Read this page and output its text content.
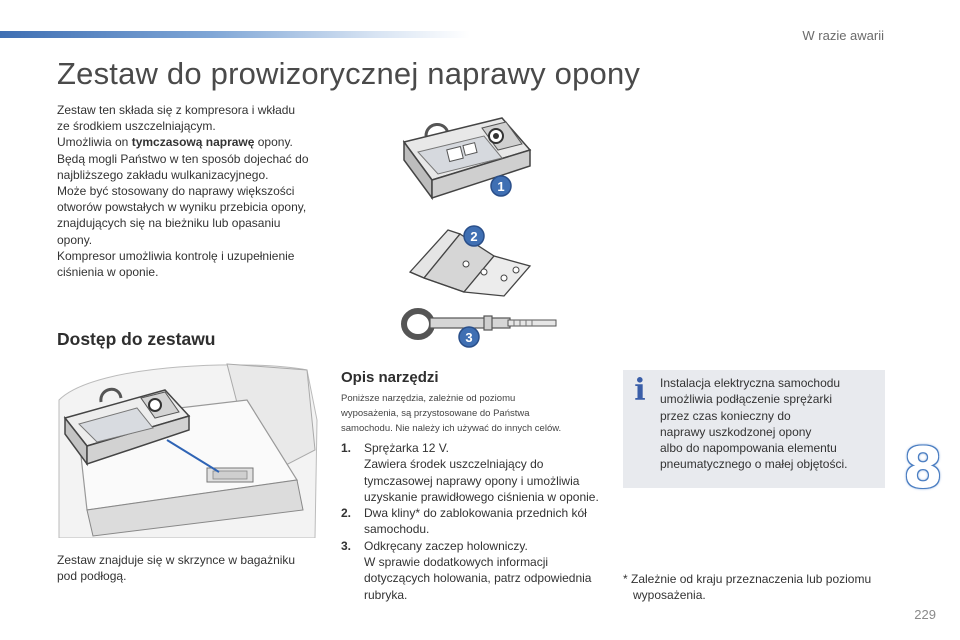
W razie awarii
Zestaw do prowizorycznej naprawy opony

Zestaw ten składa się z kompresora i wkładu

ze środkiem uszczelniającym.

Umożliwia on tymczasową naprawę opony.

Będą mogli Państwo w ten sposób dojechać do

najbliższego zakładu wulkanizacyjnego.

Może być stosowany do naprawy większości

otworów powstałych w wyniku przebicia opony,

znajdujących się na bieżniku lub opasaniu

opony.

Kompresor umożliwia kontrolę i uzupełnienie

ciśnienia w oponie.

1
2
3
Dostęp do zestawu
Zestaw znajduje się w skrzynce w bagażniku
pod podłogą.
Opis narzędzi
Poniższe narzędzia, zależnie od poziomu
wyposażenia, są przystosowane do Państwa
samochodu. Nie należy ich używać do innych celów.
1.	Sprężarka 12 V.
Zawiera środek uszczelniający do
tymczasowej naprawy opony i umożliwia
uzyskanie prawidłowego ciśnienia w oponie.
2.	Dwa kliny* do zablokowania przednich kół
samochodu.
3.	Odkręcany zaczep holowniczy.
W sprawie dodatkowych informacji
dotyczących holowania, patrz odpowiednia
rubryka.
i Instalacja elektryczna samochodu
umożliwia podłączenie sprężarki
przez czas konieczny do
naprawy uszkodzonej opony
albo do napompowania elementu
pneumatycznego o małej objętości.
* Zależnie od kraju przeznaczenia lub poziomu
wyposażenia.
8
229
